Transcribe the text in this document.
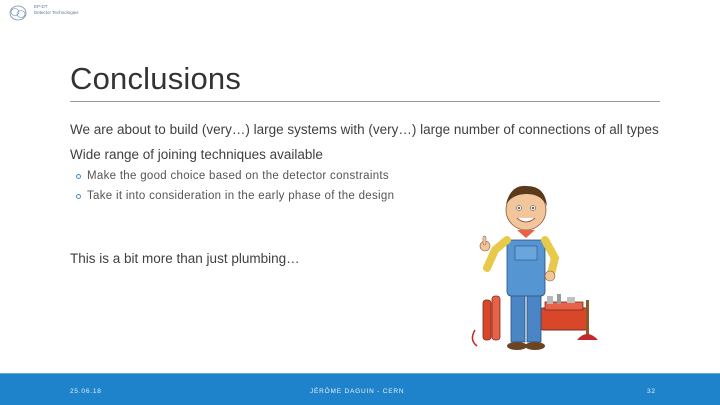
EP-DT
Detector Technologies
Conclusions

We are about to build (very…) large systems with (very…) large number of connections of all types

Wide range of joining techniques available

Make the good choice based on the detector constraints
Take it into consideration in the early phase of the design

This is a bit more than just plumbing…

25.06.18	JÉRÔME DAGUIN - CERN	32
